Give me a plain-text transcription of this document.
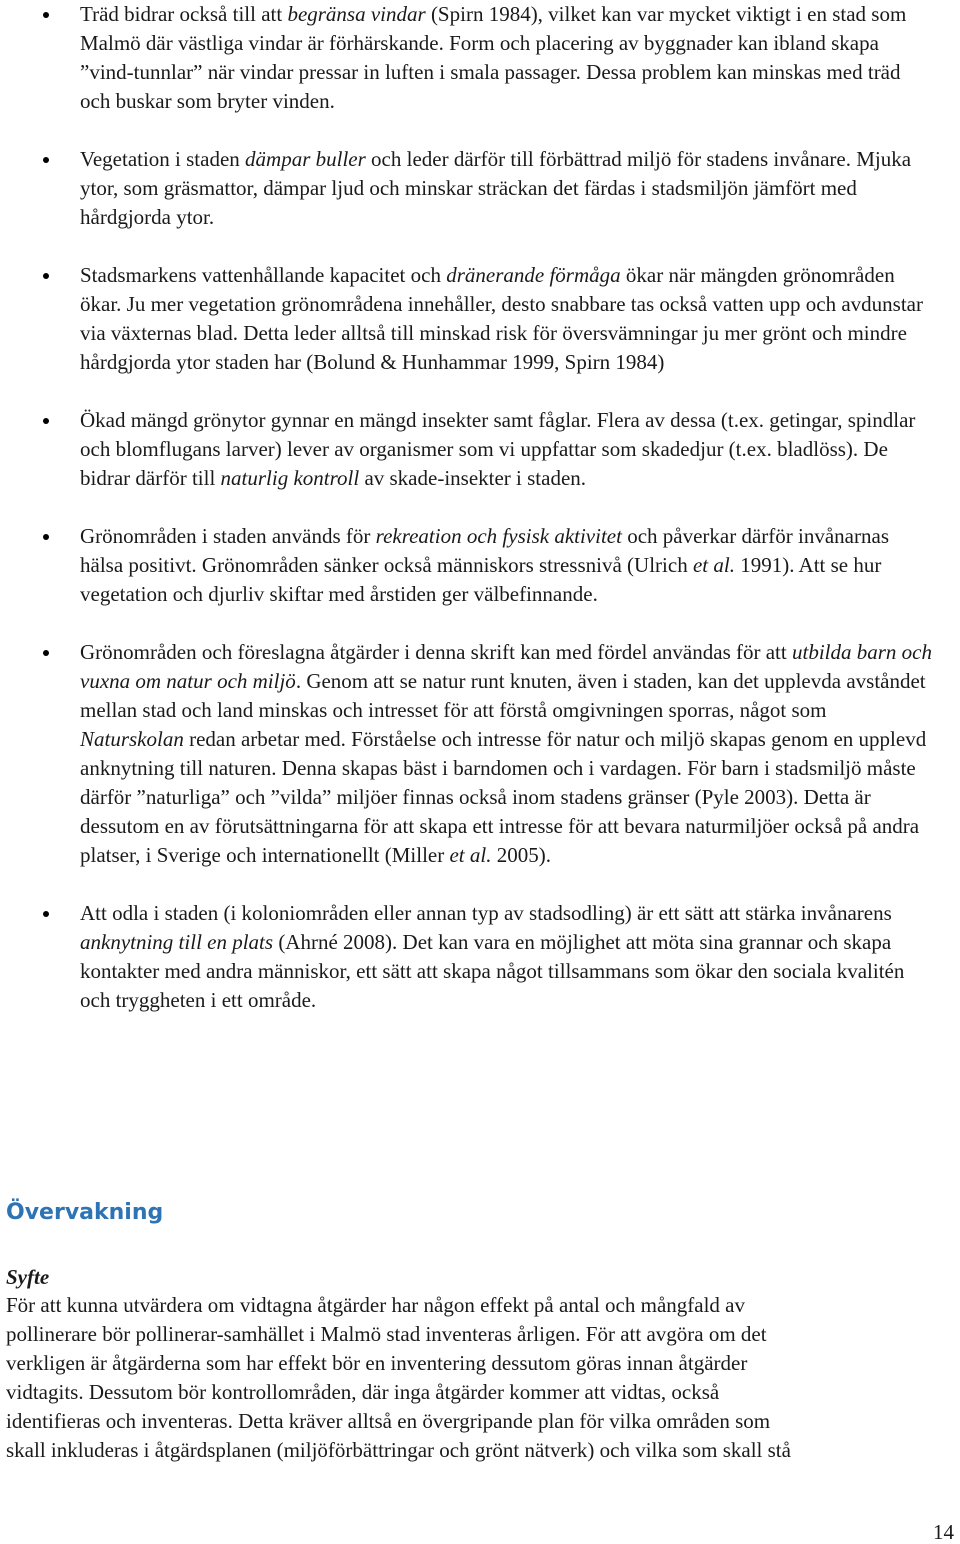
Träd bidrar också till att begränsa vindar (Spirn 1984), vilket kan var mycket viktigt i en stad som Malmö där västliga vindar är förhärskande. Form och placering av byggnader kan ibland skapa ”vind-tunnlar” när vindar pressar in luften i smala passager. Dessa problem kan minskas med träd och buskar som bryter vinden.
Vegetation i staden dämpar buller och leder därför till förbättrad miljö för stadens invånare. Mjuka ytor, som gräsmattor, dämpar ljud och minskar sträckan det färdas i stadsmiljön jämfört med hårdgjorda ytor.
Stadsmarkens vattenhållande kapacitet och dränerande förmåga ökar när mängden grönområden ökar. Ju mer vegetation grönområdena innehåller, desto snabbare tas också vatten upp och avdunstar via växternas blad. Detta leder alltså till minskad risk för översvämningar ju mer grönt och mindre hårdgjorda ytor staden har (Bolund & Hunhammar 1999, Spirn 1984)
Ökad mängd grönytor gynnar en mängd insekter samt fåglar. Flera av dessa (t.ex. getingar, spindlar och blomflugans larver) lever av organismer som vi uppfattar som skadedjur (t.ex. bladlöss). De bidrar därför till naturlig kontroll av skade-insekter i staden.
Grönområden i staden används för rekreation och fysisk aktivitet och påverkar därför invånarnas hälsa positivt. Grönområden sänker också människors stressnivå (Ulrich et al. 1991). Att se hur vegetation och djurliv skiftar med årstiden ger välbefinnande.
Grönområden och föreslagna åtgärder i denna skrift kan med fördel användas för att utbilda barn och vuxna om natur och miljö. Genom att se natur runt knuten, även i staden, kan det upplevda avståndet mellan stad och land minskas och intresset för att förstå omgivningen sporras, något som Naturskolan redan arbetar med. Förståelse och intresse för natur och miljö skapas genom en upplevd anknytning till naturen. Denna skapas bäst i barndomen och i vardagen. För barn i stadsmiljö måste därför ”naturliga” och ”vilda” miljöer finnas också inom stadens gränser (Pyle 2003). Detta är dessutom en av förutsättningarna för att skapa ett intresse för att bevara naturmiljöer också på andra platser, i Sverige och internationellt (Miller et al. 2005).
Att odla i staden (i koloniområden eller annan typ av stadsodling) är ett sätt att stärka invånarens anknytning till en plats (Ahrné 2008). Det kan vara en möjlighet att möta sina grannar och skapa kontakter med andra människor, ett sätt att skapa något tillsammans som ökar den sociala kvalitén och tryggheten i ett område.
Övervakning
Syfte
För att kunna utvärdera om vidtagna åtgärder har någon effekt på antal och mångfald av
pollinerare bör pollinerar-samhället i Malmö stad inventeras årligen. För att avgöra om det
verkligen är åtgärderna som har effekt bör en inventering dessutom göras innan åtgärder
vidtagits. Dessutom bör kontrollområden, där inga åtgärder kommer att vidtas, också
identifieras och inventeras. Detta kräver alltså en övergripande plan för vilka områden som
skall inkluderas i åtgärdsplanen (miljöförbättringar och grönt nätverk) och vilka som skall stå
14
